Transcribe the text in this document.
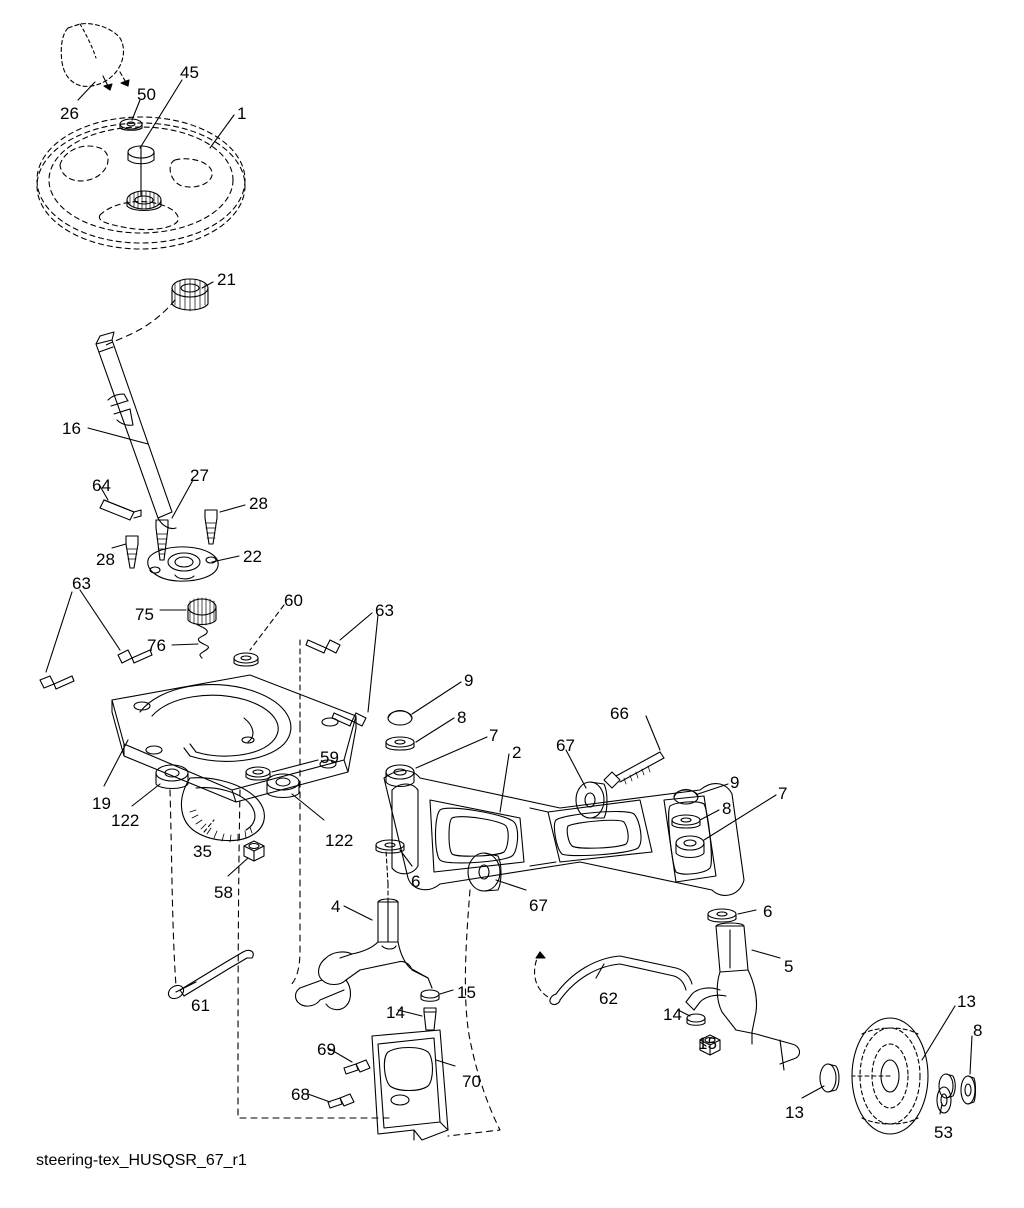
steering-tex_HUSQSR_67_r1
26
50
45
1
21
16
64
27
28
28	22
63
75
60
63
76
19
59
9
8
7
2
66
67
9
8
7
122
122
35
6
67	6
58
4
5
61
15
14
62	13
8
14
15
13
69
70
68
53
